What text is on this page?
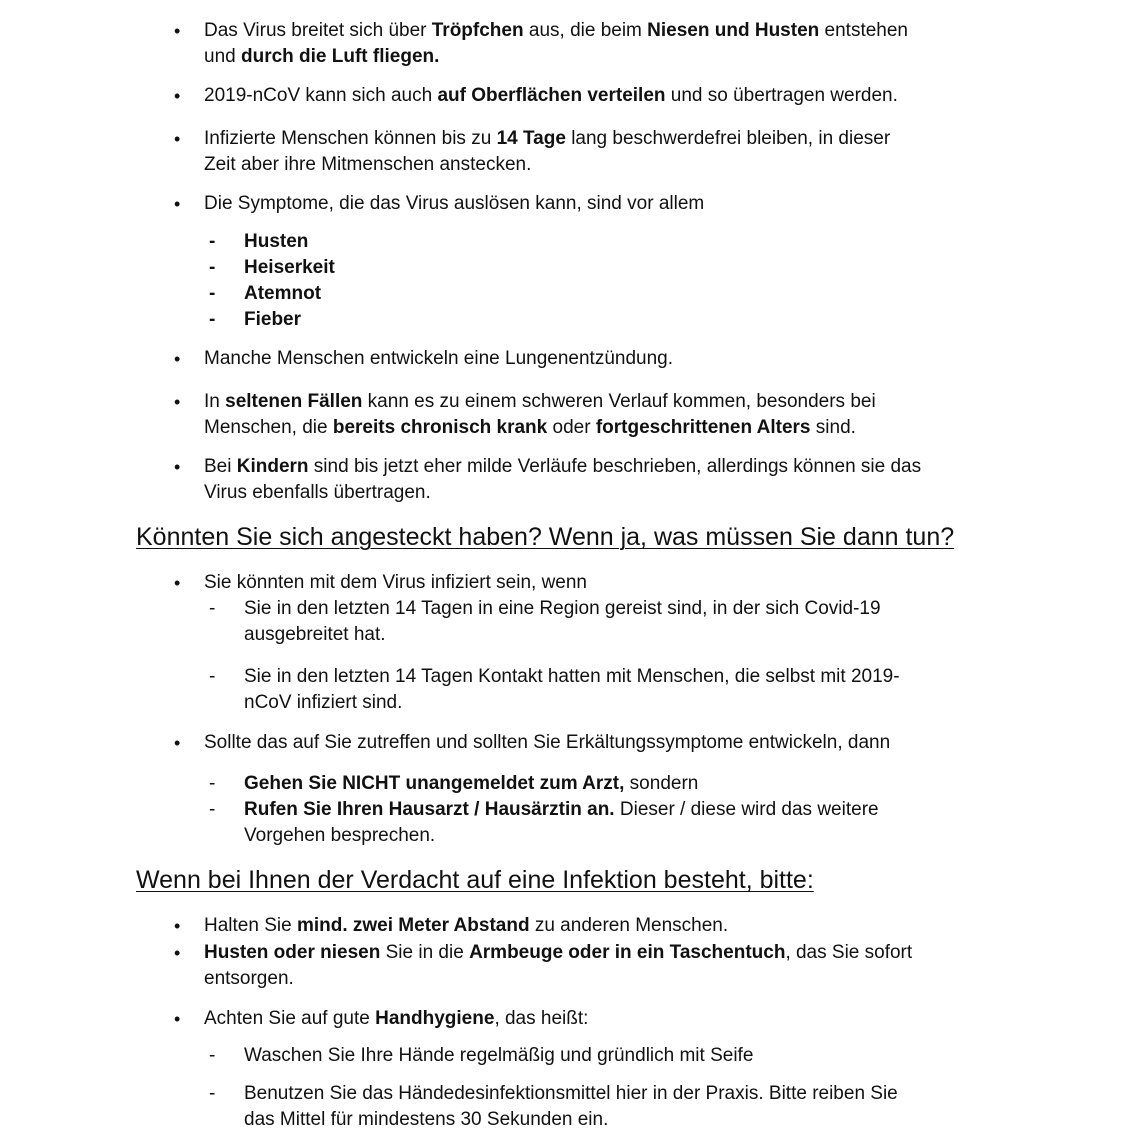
• Das Virus breitet sich über Tröpfchen aus, die beim Niesen und Husten entstehen
und durch die Luft fliegen.
• 2019-nCoV kann sich auch auf Oberflächen verteilen und so übertragen werden.
• Infizierte Menschen können bis zu 14 Tage lang beschwerdefrei bleiben, in dieser
Zeit aber ihre Mitmenschen anstecken.
• Die Symptome, die das Virus auslösen kann, sind vor allem
- Husten
- Heiserkeit
- Atemnot
- Fieber
• Manche Menschen entwickeln eine Lungenentzündung.
• In seltenen Fällen kann es zu einem schweren Verlauf kommen, besonders bei
Menschen, die bereits chronisch krank oder fortgeschrittenen Alters sind.
• Bei Kindern sind bis jetzt eher milde Verläufe beschrieben, allerdings können sie das
Virus ebenfalls übertragen.
Könnten Sie sich angesteckt haben? Wenn ja, was müssen Sie dann tun?
• Sie könnten mit dem Virus infiziert sein, wenn
- Sie in den letzten 14 Tagen in eine Region gereist sind, in der sich Covid-19
ausgebreitet hat.
- Sie in den letzten 14 Tagen Kontakt hatten mit Menschen, die selbst mit 2019-
nCoV infiziert sind.
• Sollte das auf Sie zutreffen und sollten Sie Erkältungssymptome entwickeln, dann
- Gehen Sie NICHT unangemeldet zum Arzt, sondern
- Rufen Sie Ihren Hausarzt / Hausärztin an. Dieser / diese wird das weitere
Vorgehen besprechen.
Wenn bei Ihnen der Verdacht auf eine Infektion besteht, bitte:
• Halten Sie mind. zwei Meter Abstand zu anderen Menschen.
• Husten oder niesen Sie in die Armbeuge oder in ein Taschentuch, das Sie sofort
entsorgen.
• Achten Sie auf gute Handhygiene, das heißt:
- Waschen Sie Ihre Hände regelmäßig und gründlich mit Seife
- Benutzen Sie das Händedesinfektionsmittel hier in der Praxis. Bitte reiben Sie
das Mittel für mindestens 30 Sekunden ein.
